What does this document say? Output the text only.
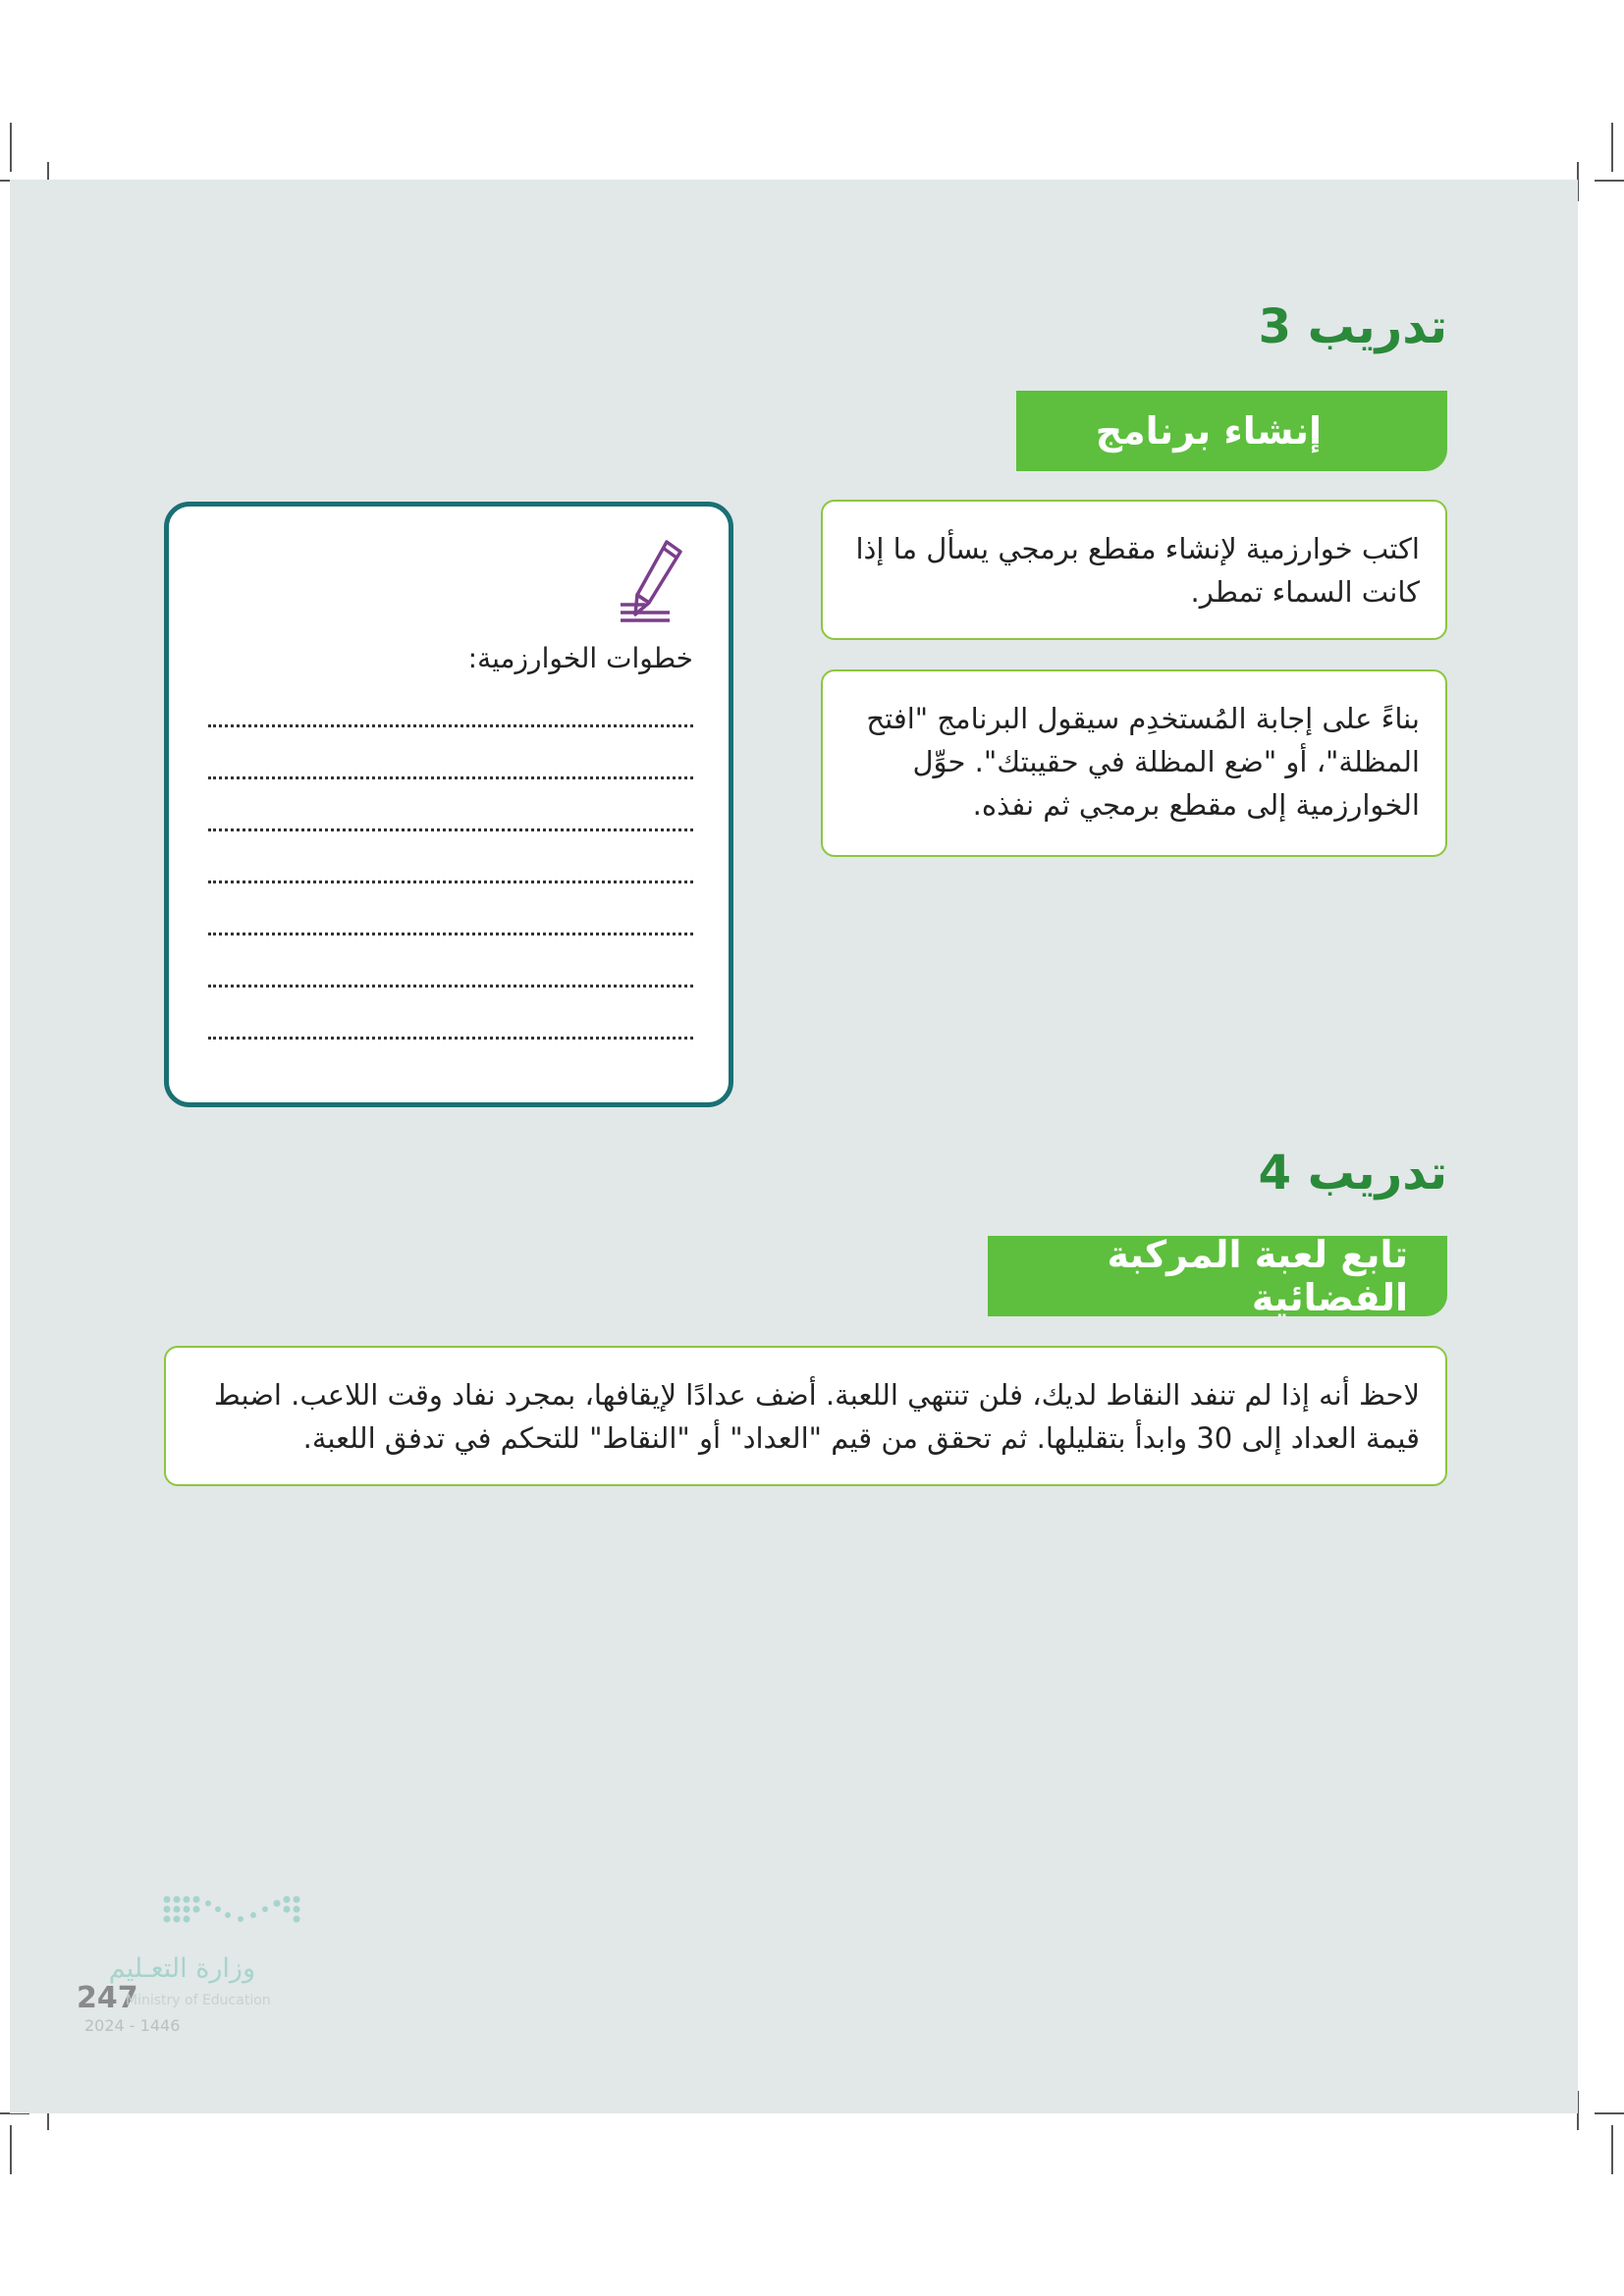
تدريب 3
إنشاء برنامج
اكتب خوارزمية لإنشاء مقطع برمجي يسأل ما إذا كانت السماء تمطر.
بناءً على إجابة المُستخدِم سيقول البرنامج "افتح المظلة"، أو "ضع المظلة في حقيبتك". حوِّل الخوارزمية إلى مقطع برمجي ثم نفذه.
خطوات الخوارزمية:
تدريب 4
تابع لعبة المركبة الفضائية
لاحظ أنه إذا لم تنفد النقاط لديك، فلن تنتهي اللعبة. أضف عدادًا لإيقافها، بمجرد نفاد وقت اللاعب. اضبط قيمة العداد إلى 30 وابدأ بتقليلها. ثم تحقق من قيم "العداد" أو "النقاط" للتحكم في تدفق اللعبة.
وزارة التعـليم
247
Ministry of Education
2024 - 1446
